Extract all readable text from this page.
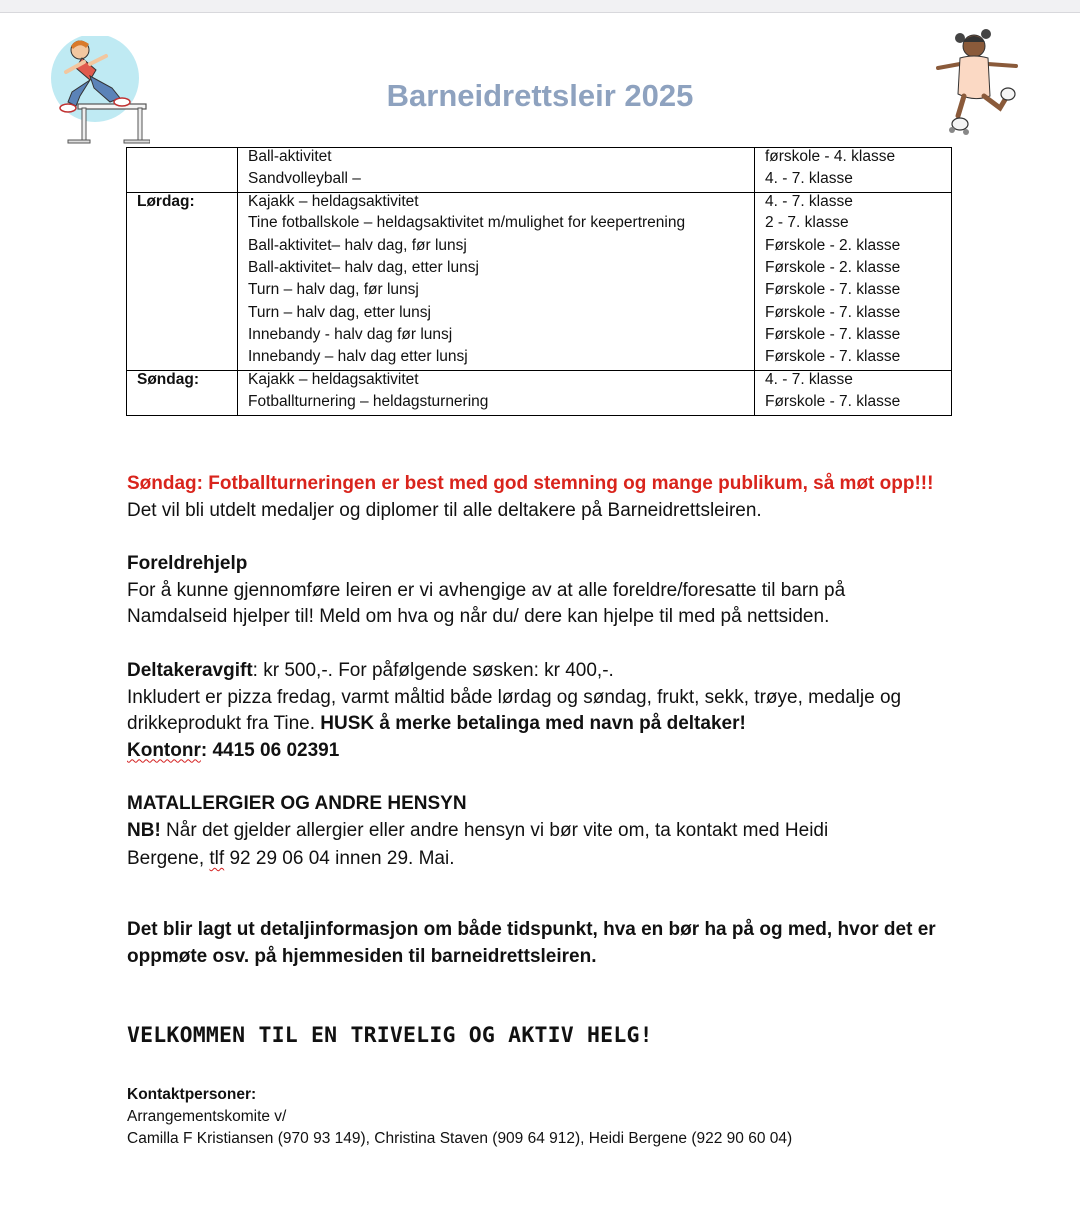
Barneidrettsleir 2025
	Ball-aktivitet	førskole - 4. klasse
	Sandvolleyball –	4. - 7. klasse
Lørdag:	Kajakk – heldagsaktivitet	4. - 7. klasse
	Tine fotballskole – heldagsaktivitet m/mulighet for keepertrening	2 - 7. klasse
	Ball-aktivitet– halv dag, før lunsj	Førskole - 2. klasse
	Ball-aktivitet– halv dag, etter lunsj	Førskole - 2. klasse
	Turn – halv dag, før lunsj	Førskole - 7. klasse
	Turn – halv dag, etter lunsj	Førskole - 7. klasse
	Innebandy - halv dag før lunsj	Førskole - 7. klasse
	Innebandy – halv dag etter lunsj	Førskole - 7. klasse
Søndag:	Kajakk – heldagsaktivitet	4. - 7. klasse
	Fotballturnering – heldagsturnering	Førskole - 7. klasse
Søndag: Fotballturneringen er best med god stemning og mange publikum, så møt opp!!!
Det vil bli utdelt medaljer og diplomer til alle deltakere på Barneidrettsleiren.
Foreldrehjelp
For å kunne gjennomføre leiren er vi avhengige av at alle foreldre/foresatte til barn på
Namdalseid hjelper til! Meld om hva og når du/ dere kan hjelpe til med på nettsiden.
Deltakeravgift: kr 500,-. For påfølgende søsken: kr 400,-.
Inkludert er pizza fredag, varmt måltid både lørdag og søndag, frukt, sekk, trøye, medalje og
drikkeprodukt fra Tine. HUSK å merke betalinga med navn på deltaker!
Kontonr: 4415 06 02391
MATALLERGIER OG ANDRE HENSYN
NB! Når det gjelder allergier eller andre hensyn vi bør vite om, ta kontakt med Heidi
Bergene, tlf 92 29 06 04 innen 29. Mai.
Det blir lagt ut detaljinformasjon om både tidspunkt, hva en bør ha på og med, hvor det er
oppmøte osv. på hjemmesiden til barneidrettsleiren.
VELKOMMEN TIL EN TRIVELIG OG AKTIV HELG!
Kontaktpersoner:
Arrangementskomite v/
Camilla F Kristiansen (970 93 149), Christina Staven (909 64 912), Heidi Bergene (922 90 60 04)
